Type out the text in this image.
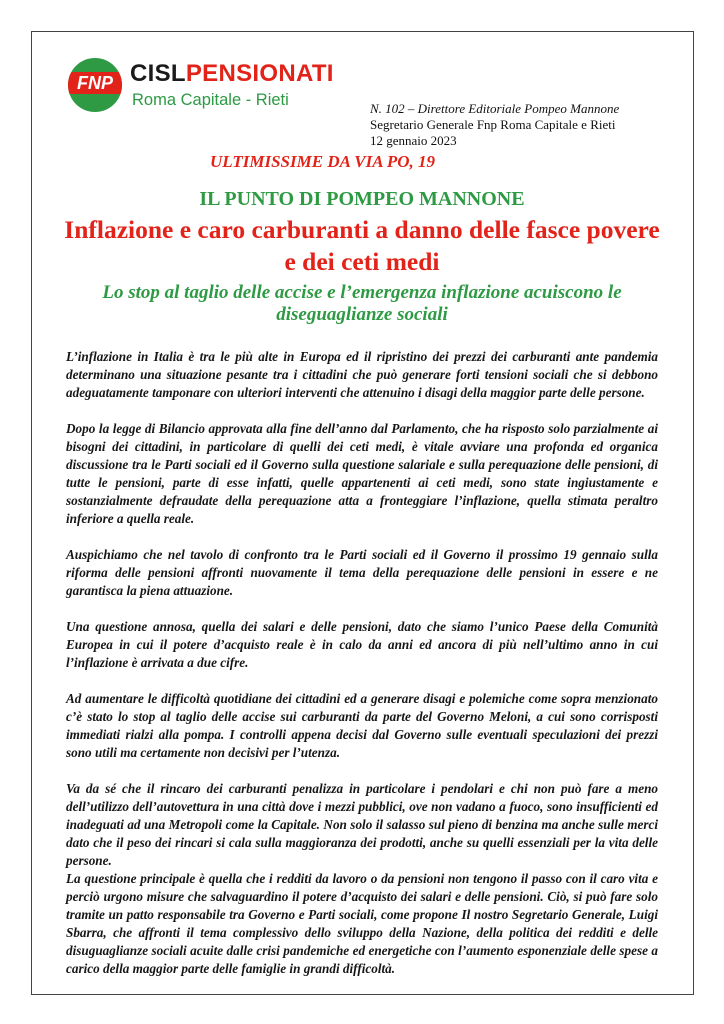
FNP CISLPENSIONATI
Roma Capitale - Rieti	N. 102 – Direttore Editoriale Pompeo Mannone
Segretario Generale Fnp Roma Capitale e Rieti
12 gennaio 2023
ULTIMISSIME DA VIA PO, 19
IL PUNTO DI POMPEO MANNONE
Inflazione e caro carburanti a danno delle fasce povere e dei ceti medi
Lo stop al taglio delle accise e l’emergenza inflazione acuiscono le diseguaglianze sociali

L’inflazione in Italia è tra le più alte in Europa ed il ripristino dei prezzi dei carburanti ante pandemia determinano una situazione pesante tra i cittadini che può generare forti tensioni sociali che si debbono adeguatamente tamponare con ulteriori interventi che attenuino i disagi della maggior parte delle persone.

Dopo la legge di Bilancio approvata alla fine dell’anno dal Parlamento, che ha risposto solo parzialmente ai bisogni dei cittadini, in particolare di quelli dei ceti medi, è vitale avviare una profonda ed organica discussione tra le Parti sociali ed il Governo sulla questione salariale e sulla perequazione delle pensioni, di tutte le pensioni, parte di esse infatti, quelle appartenenti ai ceti medi, sono state ingiustamente e sostanzialmente defraudate della perequazione atta a fronteggiare l’inflazione, quella stimata peraltro inferiore a quella reale.

Auspichiamo che nel tavolo di confronto tra le Parti sociali ed il Governo il prossimo 19 gennaio sulla riforma delle pensioni affronti nuovamente il tema della perequazione delle pensioni in essere e ne garantisca la piena attuazione.

Una questione annosa, quella dei salari e delle pensioni, dato che siamo l’unico Paese della Comunità Europea in cui il potere d’acquisto reale è in calo da anni ed ancora di più nell’ultimo anno in cui l’inflazione è arrivata a due cifre.

Ad aumentare le difficoltà quotidiane dei cittadini ed a generare disagi e polemiche come sopra menzionato c’è stato lo stop al taglio delle accise sui carburanti da parte del Governo Meloni, a cui sono corrisposti immediati rialzi alla pompa. I controlli appena decisi dal Governo sulle eventuali speculazioni dei prezzi sono utili ma certamente non decisivi per l’utenza.

Va da sé che il rincaro dei carburanti penalizza in particolare i pendolari e chi non può fare a meno dell’utilizzo dell’autovettura in una città dove i mezzi pubblici, ove non vadano a fuoco, sono insufficienti ed inadeguati ad una Metropoli come la Capitale. Non solo il salasso sul pieno di benzina ma anche sulle merci dato che il peso dei rincari si cala sulla maggioranza dei prodotti, anche su quelli essenziali per la vita delle persone.

La questione principale è quella che i redditi da lavoro o da pensioni non tengono il passo con il caro vita e perciò urgono misure che salvaguardino il potere d’acquisto dei salari e delle pensioni. Ciò, si può fare solo tramite un patto responsabile tra Governo e Parti sociali, come propone Il nostro Segretario Generale, Luigi Sbarra, che affronti il tema complessivo dello sviluppo della Nazione, della politica dei redditi e delle disuguaglianze sociali acuite dalle crisi pandemiche ed energetiche con l’aumento esponenziale delle spese a carico della maggior parte delle famiglie in grandi difficoltà.
